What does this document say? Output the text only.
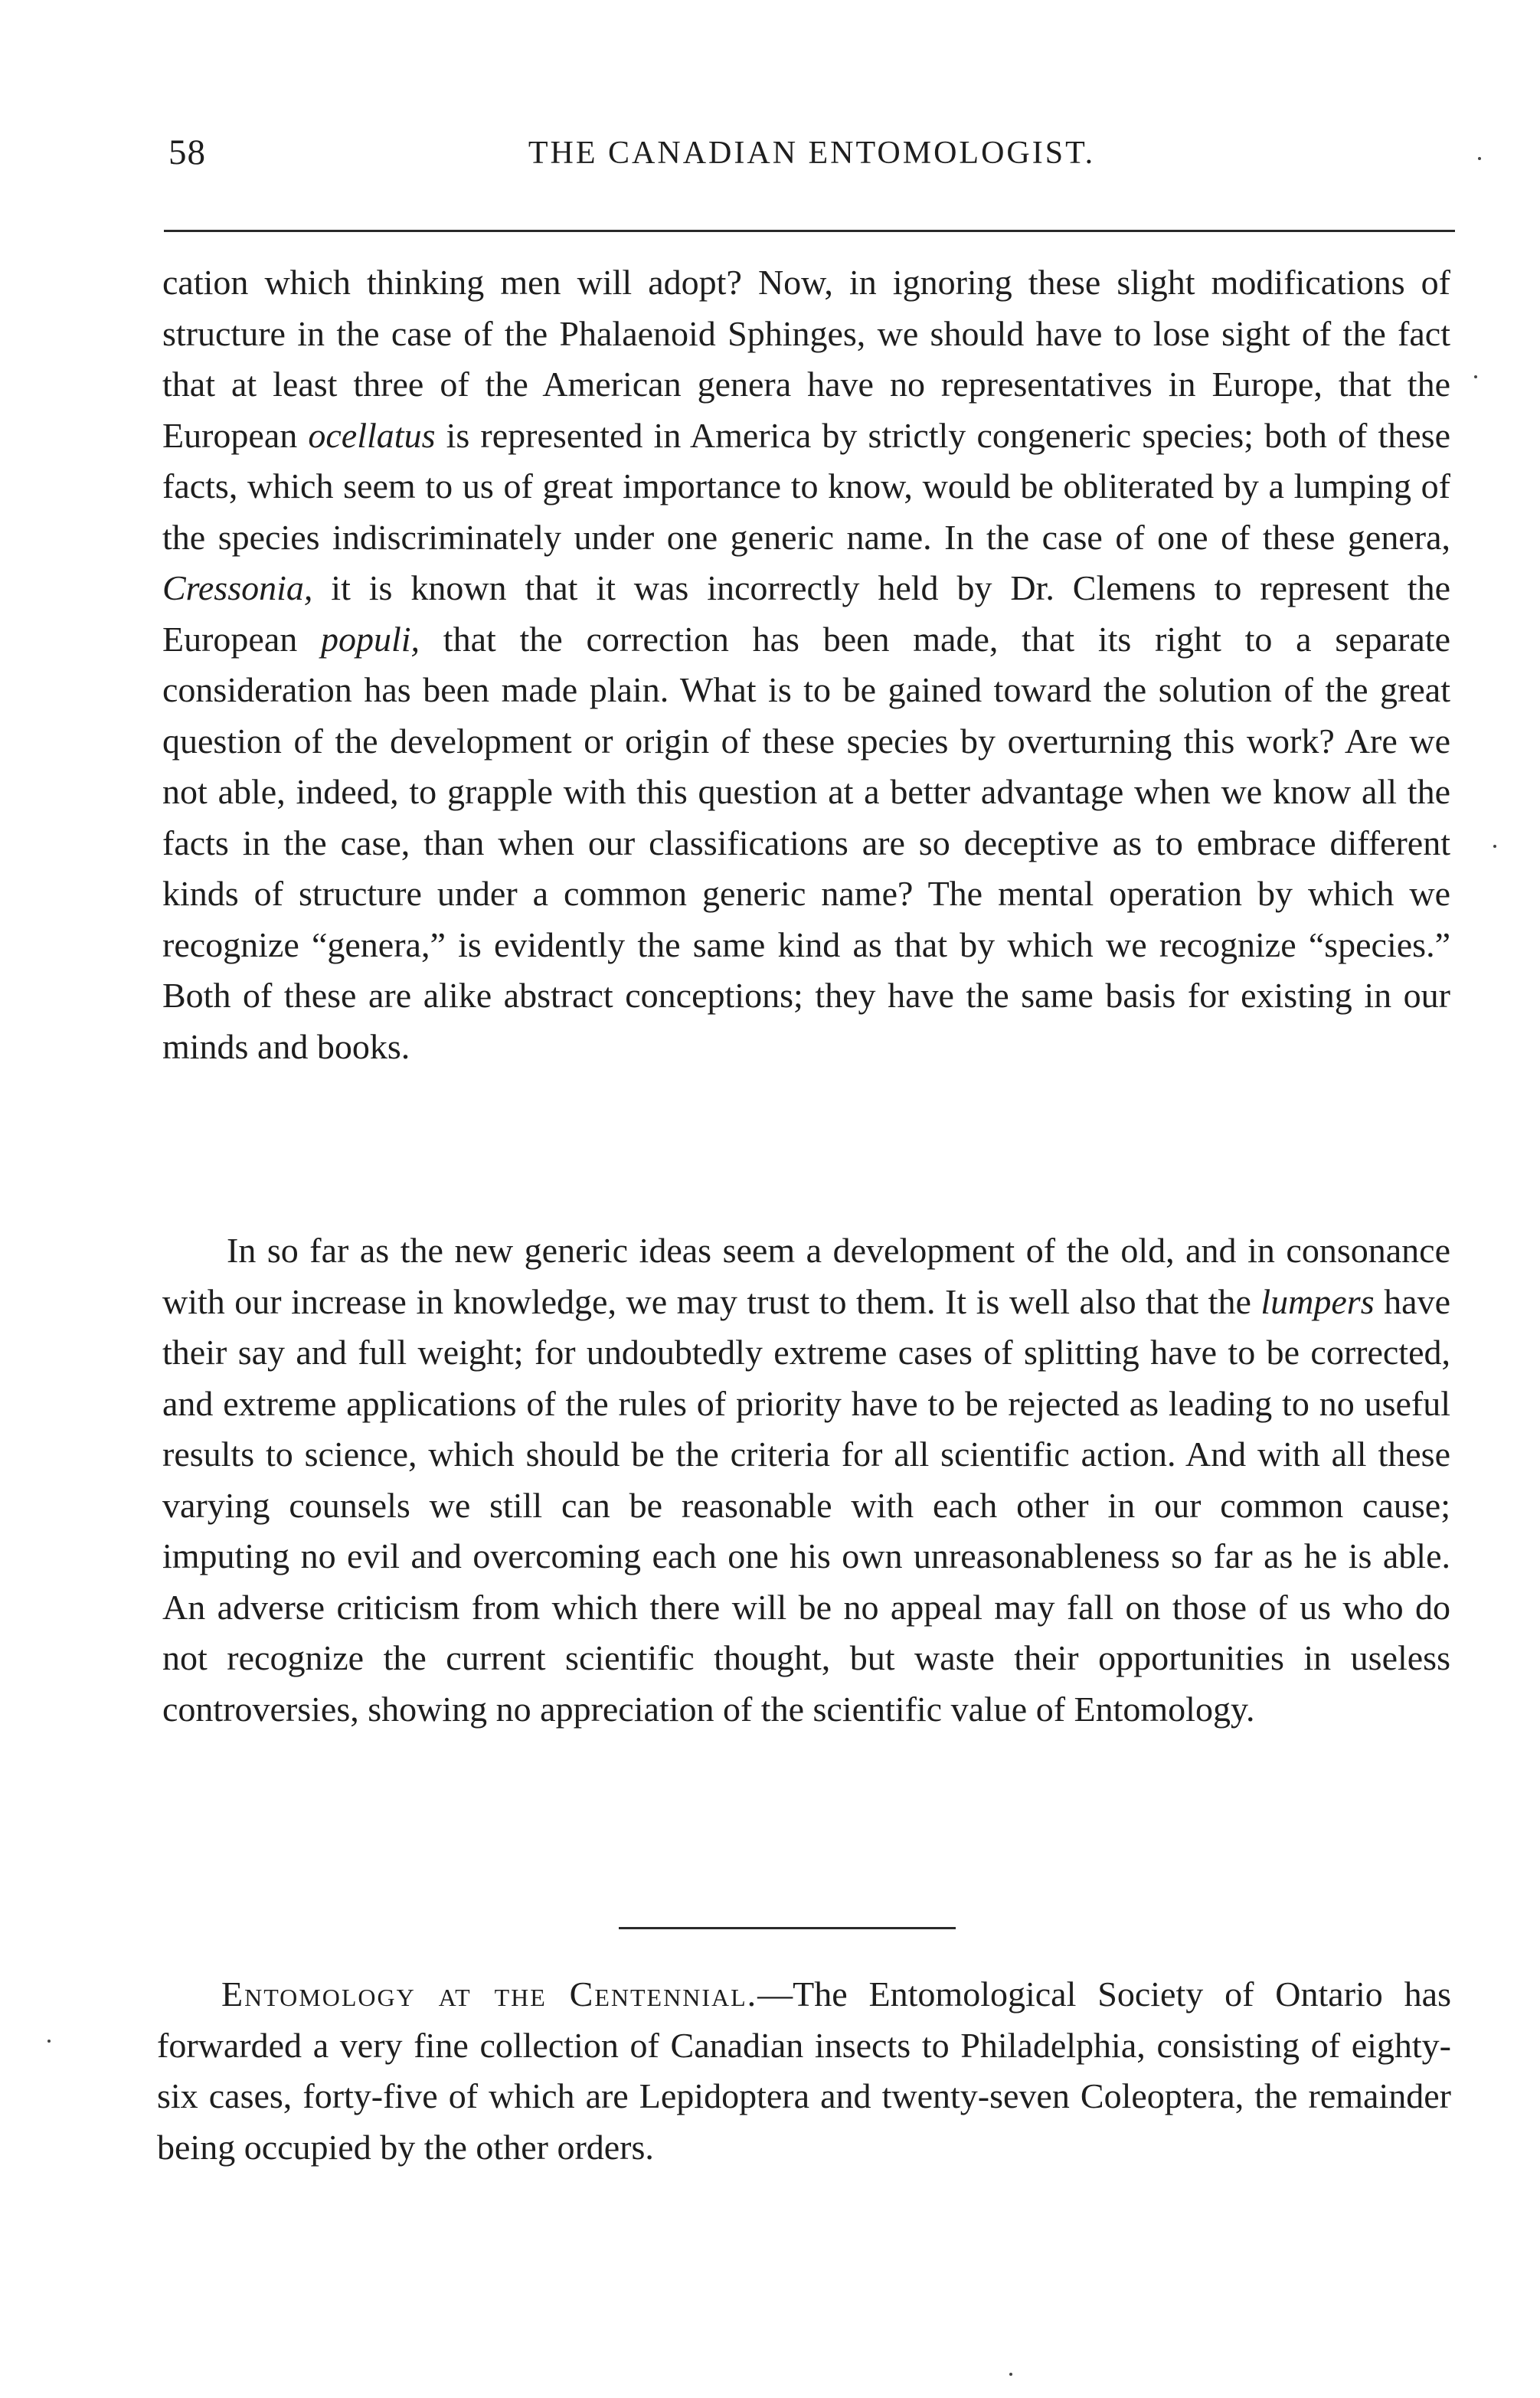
58	THE CANADIAN ENTOMOLOGIST.

cation which thinking men will adopt? Now, in ignoring these slight modifications of structure in the case of the Phalaenoid Sphinges, we should have to lose sight of the fact that at least three of the American genera have no representatives in Europe, that the European ocellatus is represented in America by strictly congeneric species; both of these facts, which seem to us of great importance to know, would be obliterated by a lumping of the species indiscriminately under one generic name. In the case of one of these genera, Cressonia, it is known that it was incorrectly held by Dr. Clemens to represent the European populi, that the correction has been made, that its right to a separate consideration has been made plain. What is to be gained toward the solution of the great question of the development or origin of these species by overturning this work? Are we not able, indeed, to grapple with this question at a better advantage when we know all the facts in the case, than when our classifications are so deceptive as to embrace different kinds of structure under a common generic name? The mental operation by which we recognize “genera,” is evidently the same kind as that by which we recognize “species.” Both of these are alike abstract conceptions; they have the same basis for existing in our minds and books.

In so far as the new generic ideas seem a development of the old, and in consonance with our increase in knowledge, we may trust to them. It is well also that the lumpers have their say and full weight; for undoubtedly extreme cases of splitting have to be corrected, and extreme applications of the rules of priority have to be rejected as leading to no useful results to science, which should be the criteria for all scientific action. And with all these varying counsels we still can be reasonable with each other in our common cause; imputing no evil and overcoming each one his own unreasonableness so far as he is able. An adverse criticism from which there will be no appeal may fall on those of us who do not recognize the current scientific thought, but waste their opportunities in useless controversies, showing no appreciation of the scientific value of Entomology.

Entomology at the Centennial.—The Entomological Society of Ontario has forwarded a very fine collection of Canadian insects to Philadelphia, consisting of eighty-six cases, forty-five of which are Lepidoptera and twenty-seven Coleoptera, the remainder being occupied by the other orders.
